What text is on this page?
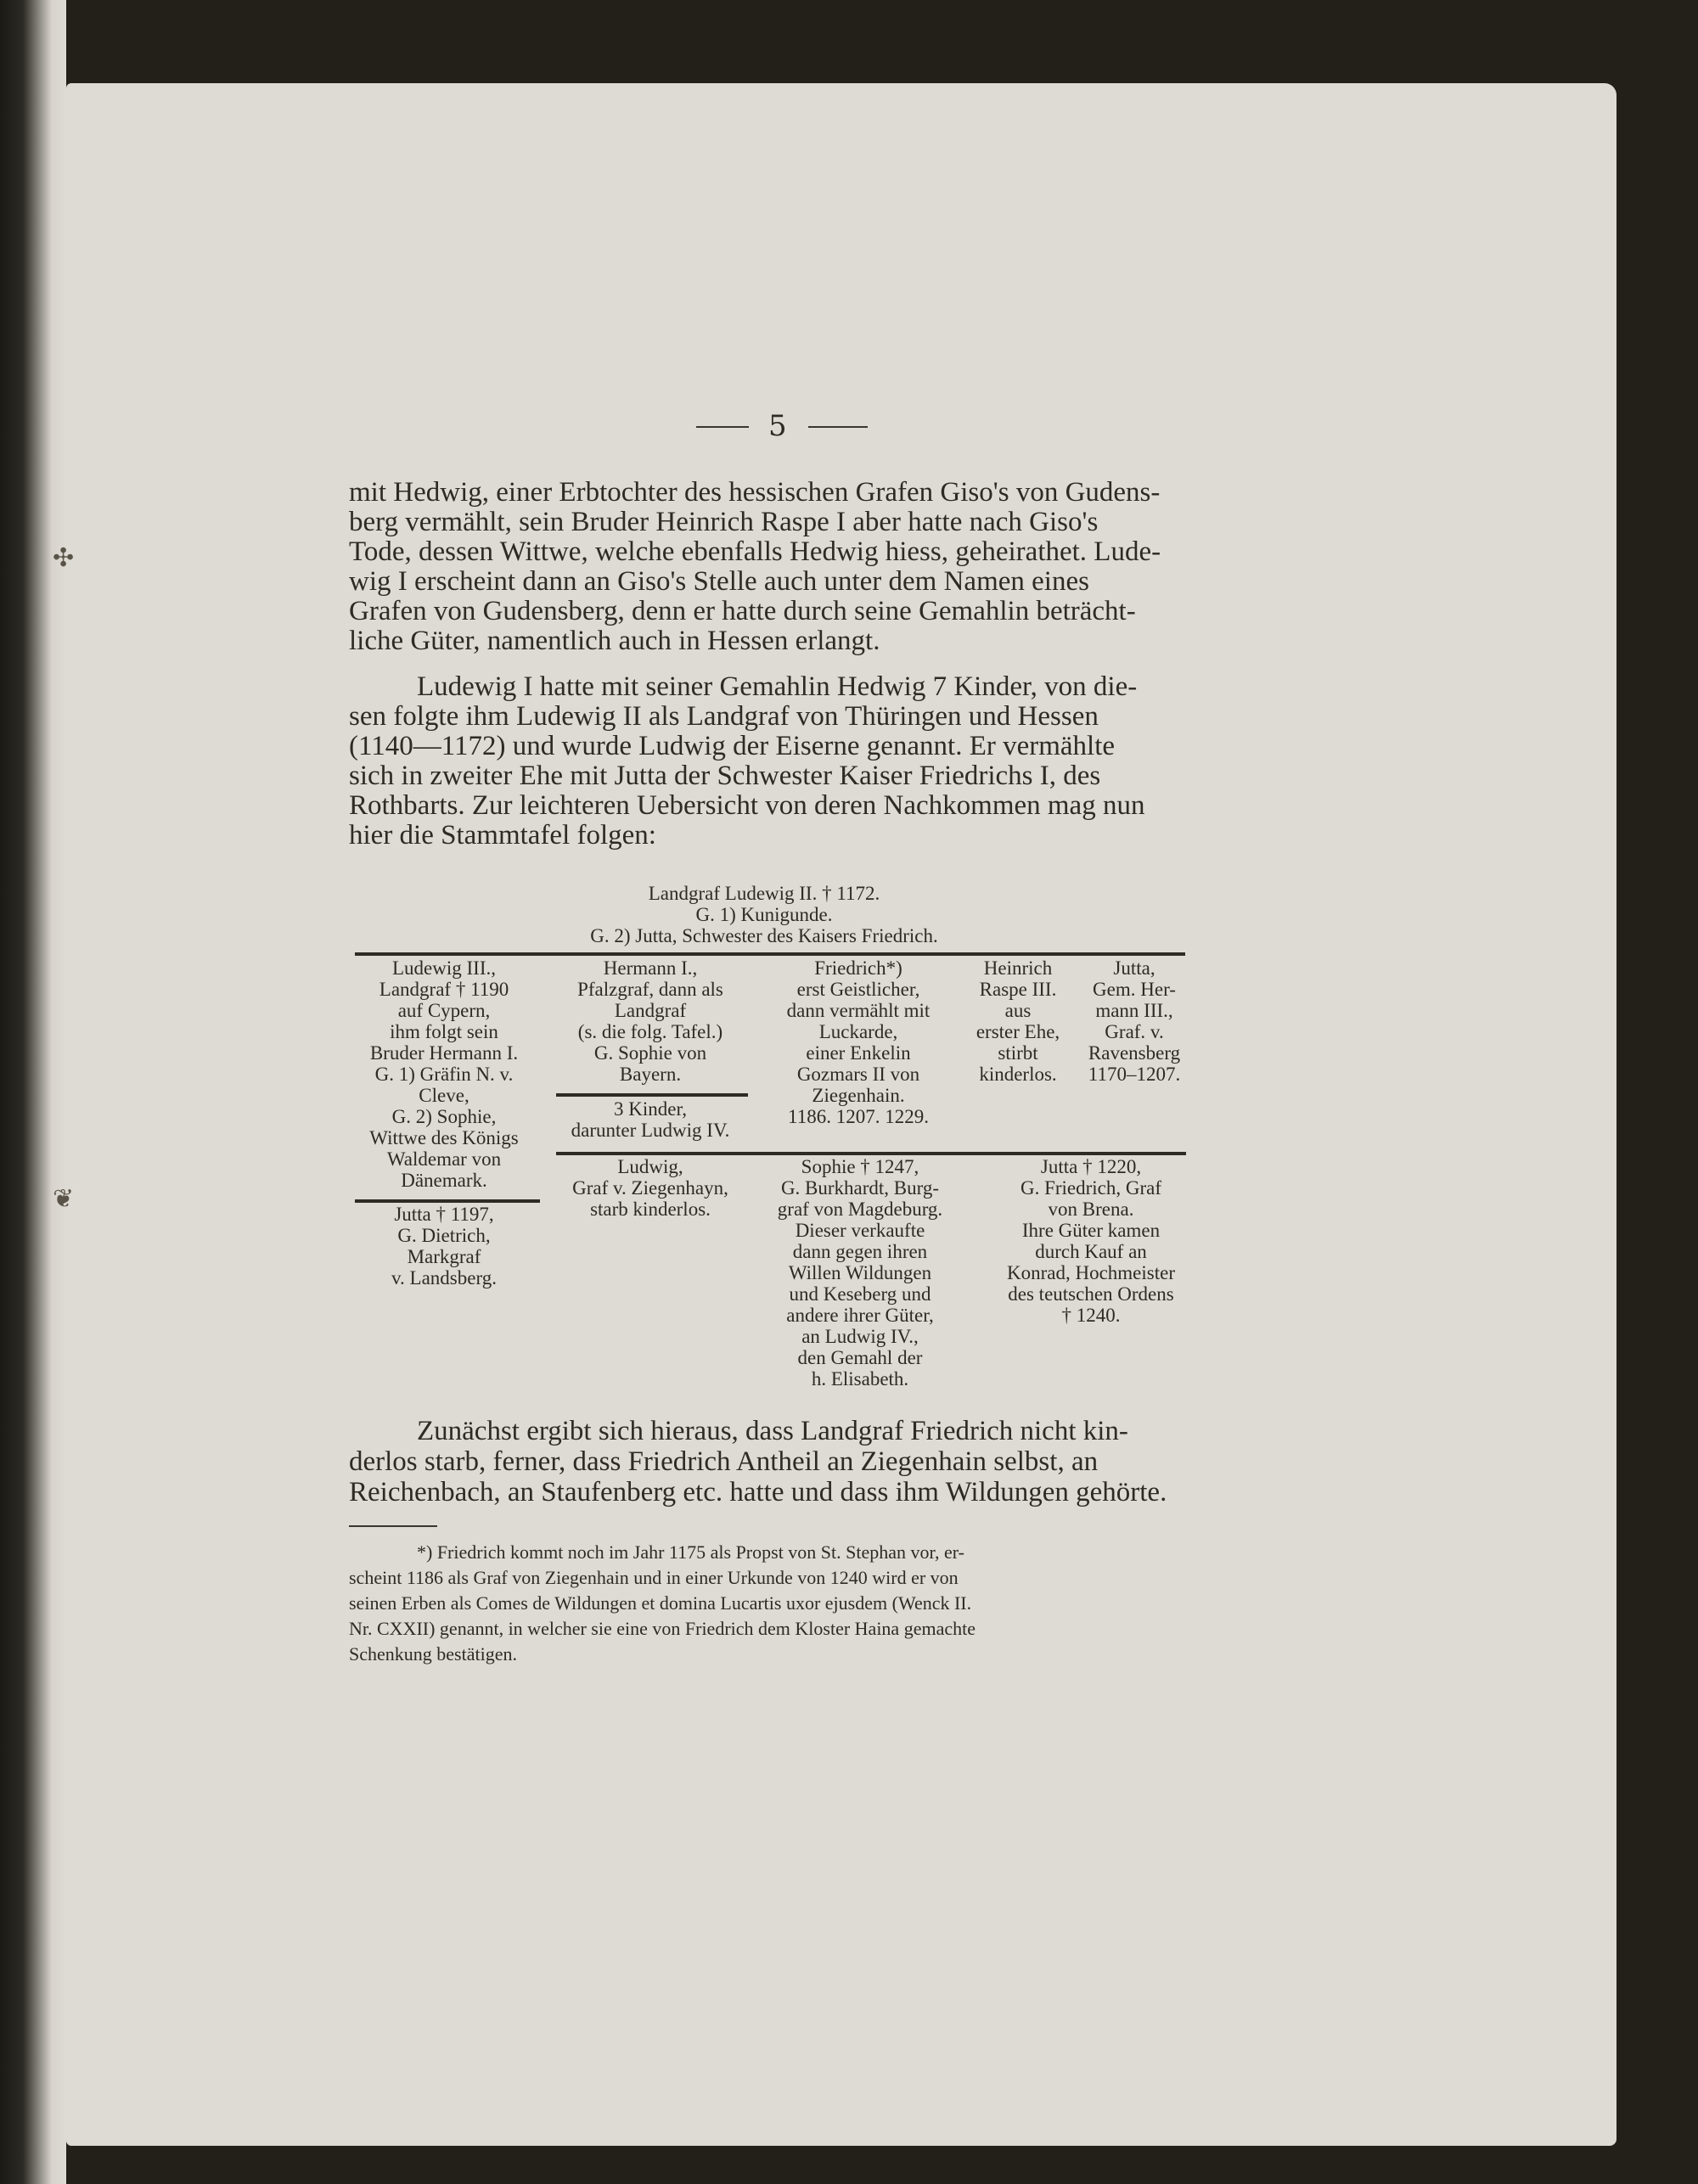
✣
❦
5

mit Hedwig, einer Erbtochter des hessischen Grafen Giso's von Gudens-
berg vermählt, sein Bruder Heinrich Raspe I aber hatte nach Giso's
Tode, dessen Wittwe, welche ebenfalls Hedwig hiess, geheirathet. Lude-
wig I erscheint dann an Giso's Stelle auch unter dem Namen eines
Grafen von Gudensberg, denn er hatte durch seine Gemahlin beträcht-
liche Güter, namentlich auch in Hessen erlangt.

Ludewig I hatte mit seiner Gemahlin Hedwig 7 Kinder, von die-
sen folgte ihm Ludewig II als Landgraf von Thüringen und Hessen
(1140—1172) und wurde Ludwig der Eiserne genannt. Er vermählte
sich in zweiter Ehe mit Jutta der Schwester Kaiser Friedrichs I, des
Rothbarts. Zur leichteren Uebersicht von deren Nachkommen mag nun
hier die Stammtafel folgen:

Landgraf Ludewig II. † 1172.
G. 1) Kunigunde.
G. 2) Jutta, Schwester des Kaisers Friedrich.
Ludewig III.,
Landgraf † 1190
auf Cypern,
ihm folgt sein
Bruder Hermann I.
G. 1) Gräfin N. v.
Cleve,
G. 2) Sophie,
Wittwe des Königs
Waldemar von
Dänemark.
Jutta † 1197,
G. Dietrich,
Markgraf
v. Landsberg.
Hermann I.,
Pfalzgraf, dann als
Landgraf
(s. die folg. Tafel.)
G. Sophie von
Bayern.
3 Kinder,
darunter Ludwig IV.
Friedrich*)
erst Geistlicher,
dann vermählt mit
Luckarde,
einer Enkelin
Gozmars II von
Ziegenhain.
1186. 1207. 1229.
Heinrich
Raspe III.
aus
erster Ehe,
stirbt
kinderlos.
Jutta,
Gem. Her-
mann III.,
Graf. v.
Ravensberg
1170–1207.
Ludwig,
Graf v. Ziegenhayn,
starb kinderlos.
Sophie † 1247,
G. Burkhardt, Burg-
graf von Magdeburg.
Dieser verkaufte
dann gegen ihren
Willen Wildungen
und Keseberg und
andere ihrer Güter,
an Ludwig IV.,
den Gemahl der
h. Elisabeth.
Jutta † 1220,
G. Friedrich, Graf
von Brena.
Ihre Güter kamen
durch Kauf an
Konrad, Hochmeister
des teutschen Ordens
† 1240.

Zunächst ergibt sich hieraus, dass Landgraf Friedrich nicht kin-
derlos starb, ferner, dass Friedrich Antheil an Ziegenhain selbst, an
Reichenbach, an Staufenberg etc. hatte und dass ihm Wildungen gehörte.

*) Friedrich kommt noch im Jahr 1175 als Propst von St. Stephan vor, er-
scheint 1186 als Graf von Ziegenhain und in einer Urkunde von 1240 wird er von
seinen Erben als Comes de Wildungen et domina Lucartis uxor ejusdem (Wenck II.
Nr. CXXII) genannt, in welcher sie eine von Friedrich dem Kloster Haina gemachte
Schenkung bestätigen.
